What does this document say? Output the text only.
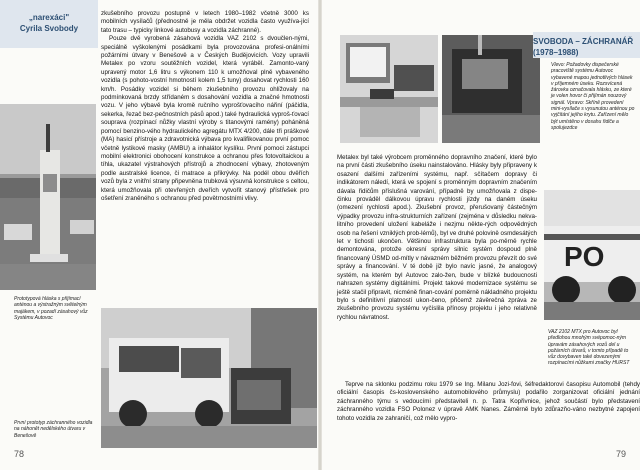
„narexáci"
Cyrila Svobody
Prototypová hláska s přijímací anténou a výstražným světelným majákem, v pozadí zásahový vůz Systému Autovoc
První prototyp záchranného vozidla na náhonět nedělského útvaru v Benešově

zkušebního provozu postupně v letech 1980–1982 včetně 3000 ks mobilních vysílačů (přednostně je měla obdržet vozidla často využíva-jící tato trasu – typicky linkové autobusy a vozidla záchranné).

Pouze dvě vyrobená zásahová vozidla VAZ 2102 s dvoučlen-nými, speciálně vyškolenými posádkami byla provozována profesi-onálními požárními útvary v Benešově a v Českých Budějovicích. Vozy upravili Metalex po vzoru soutěžních vozidel, která vyráběl. Zamonto-vaný upravený motor 1,6 litru s výkonem 110 k umožňoval plně vybaveného vozidla (s pohoto-vostní hmotností kolem 1,5 tuny) dosahovat rychlosti 160 km/h. Posádky vozidel si během zkušebního provozu ohlížovaly na podmínkovaná brzdy střídaném s dosahování vozidla a značné hmotnosti vozu. V jeho výbavě byla kromě ručního vyprošťovacího nářiní (páčidla, sekerka, řezač bez-pečnostních pásů apod.) také hydraulická vyproš-ťovací souprava (rozpínací nůžky vlastní výroby s titanovými ramény) poháněná pomocí benzino-vého hydraulického agregátu MTX 4/200, dále tři práškové (MA) hasicí přístroje a zdravotnická výbava pro kvalifikovanou první pomoc včetně lystikové masky (AMBU) a inhalátor kyslíku. První pomoci zástupci mobilní elektronici obohocení konstrukce a ochranou přes fotovoltaickou a tíhla, ukazatel výstrahových přístrojů a zhodnocení výbavy, zhotoveným podle australské licence, či matrace a přikrývky. Na podél obou dvěřích vozů byla z vnitřní strany připevněna trubková výsuvná konstrukce s celtou, která umožňovala při otevřených dveřích vytvořit stanový přístřešek pro ošetření zraněného s ochranou před povětrnostními vlivy.

78
SVOBODA – ZÁCHRANÁŘ
(1978–1988)
Vlevo: Požadovky dispečerské pracoviště systému Autovoc vybavené mapou jednotlivých hlásek v příjemném úseku. Rozsvícená žárovka označovala hlásku, ze které je volen hovor či přijímán nouzový signál. Vpravo: Skříně provedení mini-vysílače s vysunutou anténou po vyjčítání jejího krytu. Zařízení mělo být umístěno v dosahu řidiče a spolujezdce
PO

Metalex byl také výrobcem proměnného dopravního značení, které bylo na první části zkušebního úseku nainstalováno. Hlásky byly připraveny k osazení dalšími zařízeními systému, např. sčítačem dopravy či indikátorem náledí, která ve spojení s proměnným dopravním značením dávala řidičům příslušná varování, případně by umožňovala z dispe-činku prováděl dálkovou úpravu rychlosti jízdy na daném úseku (omezení rychlosti apod.). Zkušební provoz, přerušovaný částečným výpadky provozu infra-strukturních zařízení (zejména v důsledku nekva-litního provedení uložení kabeláže i nezjmu někte-rých odpovědných osob na řešení vzniklých prob-lémů), byl ve druhé polovině osmdesátých let v tichosti ukončen. Většinou infrastruktura byla po-měrně rychle demontována, protože okresní správy silnic systém dospoud plně financovaný ÚSMD od-mítly v návazném běžném provozu převzít do své správy a financování. V té době již bylo navíc jasné, že analogový systém, na kterém byl Autovoc zalo-žen, bude v blízké budoucnosti nahrazen systémy digitálními. Projekt takové modernizace systému se ještě stačil připravit, nicméně finan-cování poměrně nákladného projektu bylo s definitivní platností ukon-čeno, přičemž závěrečná zpráva ze zkušebního provozu systému vyčíslila přínosy projektu i jeho relativně rychlou návratnost.

Teprve na sklonku podzimu roku 1979 se Ing. Milanu Jozi-fovi, šéfredaktorovi časopisu Automobil (tehdy oficiální časopis čs-koslovenského automobilového průmyslu) podařilo zorganizovat oficiální jednání záchranného týmu s vedoucími představiteli n. p. Tatra Kopřivnice, jehož součástí bylo představení záchranného vozidla FSO Polonez v úpravě AMK Nanes. Záměrně bylo zdůrazňo-váno nezbytné zapojení tohoto vozidla ze zahraničí, což mělo vypro-

VAZ 2102 MTX pro Autovoc byl předlohou mnohým svépomoc-ným úpravám zásahových vozů del u požárních útvarů, v tomto případě to vůz dovybaven také dovezenými rozpínacími nůžkami značky HURST
79
